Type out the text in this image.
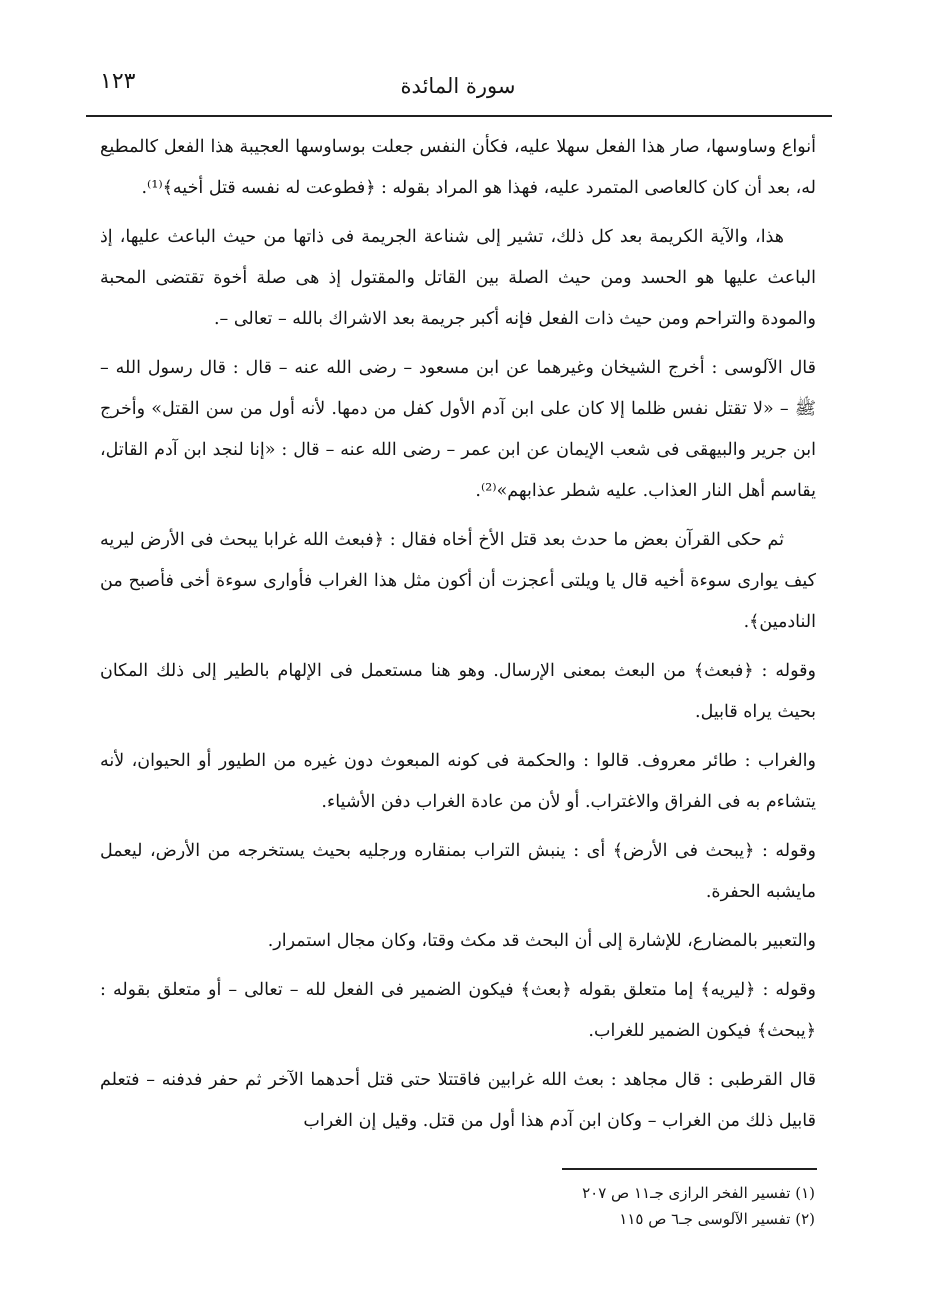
١٢٣	سورة المائدة

أنواع وساوسها، صار هذا الفعل سهلا عليه، فكأن النفس جعلت بوساوسها العجيبة هذا الفعل كالمطيع له، بعد أن كان كالعاصى المتمرد عليه، فهذا هو المراد بقوله : ﴿فطوعت له نفسه قتل أخيه﴾⁽¹⁾.

هذا، والآية الكريمة بعد كل ذلك، تشير إلى شناعة الجريمة فى ذاتها من حيث الباعث عليها، إذ الباعث عليها هو الحسد ومن حيث الصلة بين القاتل والمقتول إذ هى صلة أخوة تقتضى المحبة والمودة والتراحم ومن حيث ذات الفعل فإنه أكبر جريمة بعد الاشراك بالله – تعالى –.

قال الآلوسى : أخرج الشيخان وغيرهما عن ابن مسعود – رضى الله عنه – قال : قال رسول الله – ﷺ – «لا تقتل نفس ظلما إلا كان على ابن آدم الأول كفل من دمها. لأنه أول من سن القتل» وأخرج ابن جرير والبيهقى فى شعب الإيمان عن ابن عمر – رضى الله عنه – قال : «إنا لنجد ابن آدم القاتل، يقاسم أهل النار العذاب. عليه شطر عذابهم»⁽²⁾.

ثم حكى القرآن بعض ما حدث بعد قتل الأخ أخاه فقال : ﴿فبعث الله غرابا يبحث فى الأرض ليريه كيف يوارى سوءة أخيه قال يا ويلتى أعجزت أن أكون مثل هذا الغراب فأوارى سوءة أخى فأصبح من النادمين﴾.

وقوله : ﴿فبعث﴾ من البعث بمعنى الإرسال. وهو هنا مستعمل فى الإلهام بالطير إلى ذلك المكان بحيث يراه قابيل.

والغراب : طائر معروف. قالوا : والحكمة فى كونه المبعوث دون غيره من الطيور أو الحيوان، لأنه يتشاءم به فى الفراق والاغتراب. أو لأن من عادة الغراب دفن الأشياء.

وقوله : ﴿يبحث فى الأرض﴾ أى : ينبش التراب بمنقاره ورجليه بحيث يستخرجه من الأرض، ليعمل مايشبه الحفرة.

والتعبير بالمضارع، للإشارة إلى أن البحث قد مكث وقتا، وكان مجال استمرار.

وقوله : ﴿ليريه﴾ إما متعلق بقوله ﴿بعث﴾ فيكون الضمير فى الفعل لله – تعالى – أو متعلق بقوله : ﴿يبحث﴾ فيكون الضمير للغراب.

قال القرطبى : قال مجاهد : بعث الله غرابين فاقتتلا حتى قتل أحدهما الآخر ثم حفر فدفنه – فتعلم قابيل ذلك من الغراب – وكان ابن آدم هذا أول من قتل. وقيل إن الغراب

(١) تفسير الفخر الرازى جـ١١ ص ٢٠٧
(٢) تفسير الآلوسى جـ٦ ص ١١٥
